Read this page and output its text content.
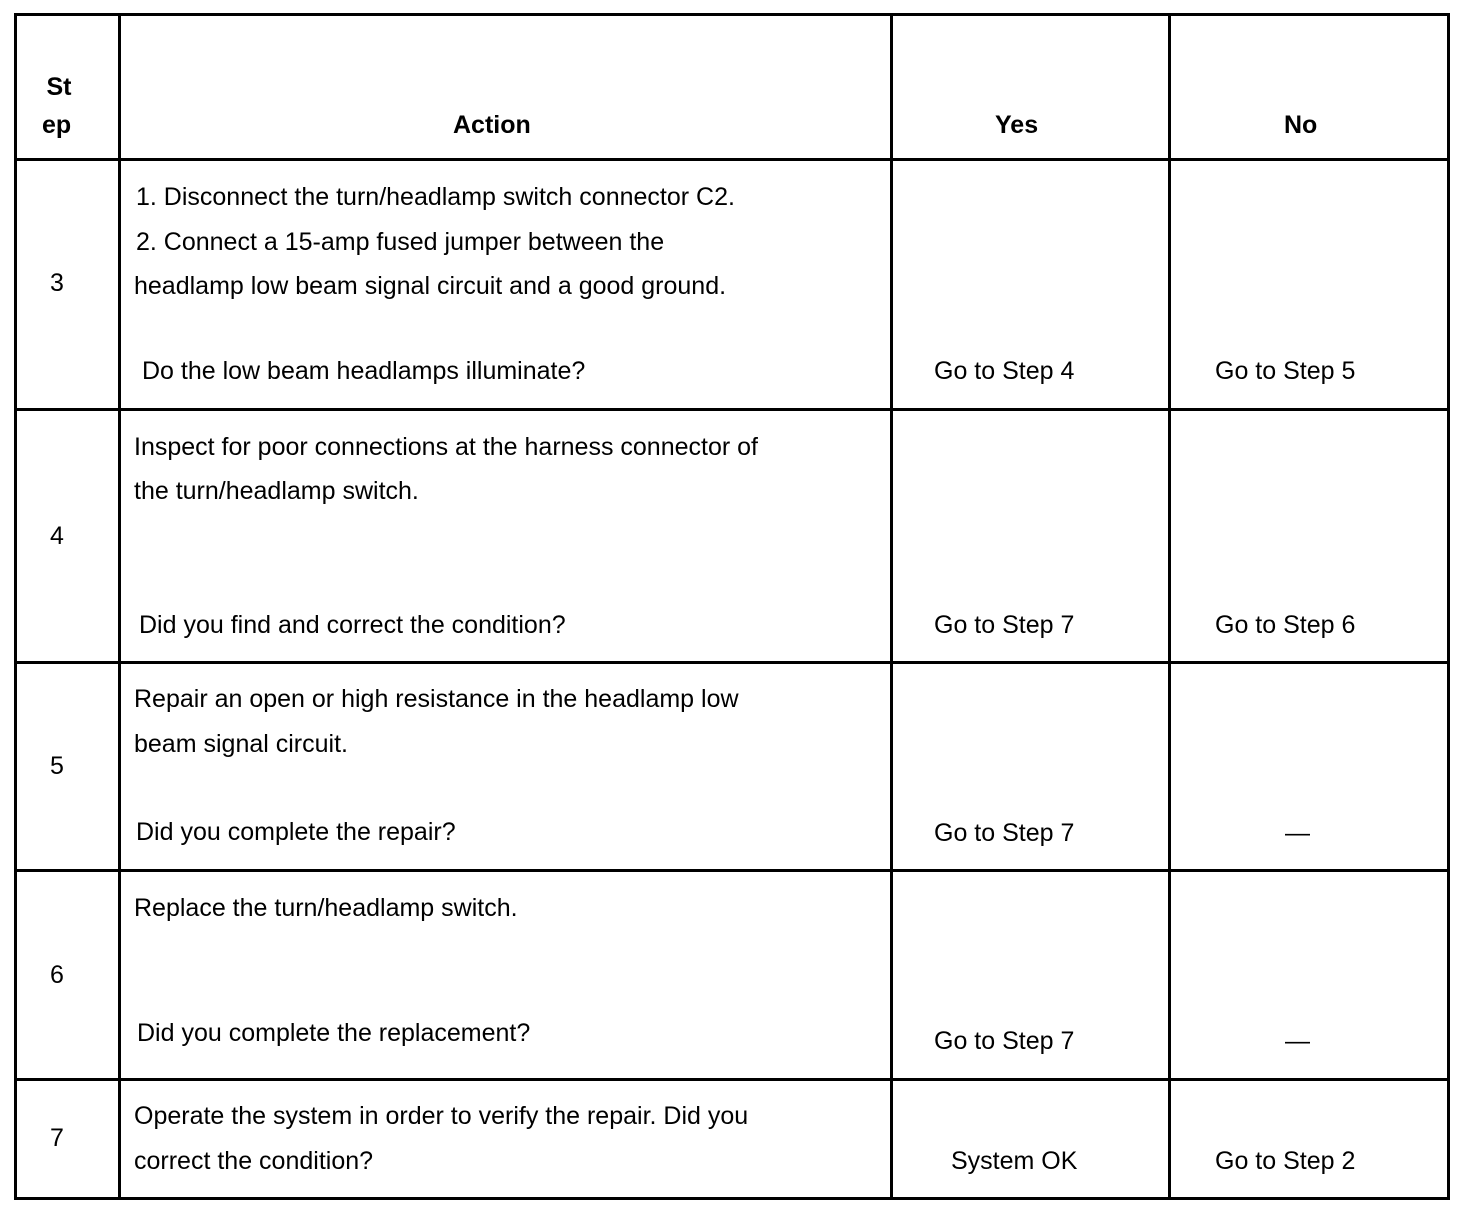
St
ep	Action	Yes	No
3
1. Disconnect the turn/headlamp switch connector C2.
2. Connect a 15-amp fused jumper between the
headlamp low beam signal circuit and a good ground.
Do the low beam headlamps illuminate?	Go to Step 4	Go to Step 5
4
Inspect for poor connections at the harness connector of
the turn/headlamp switch.
Did you find and correct the condition?	Go to Step 7	Go to Step 6
5
Repair an open or high resistance in the headlamp low
beam signal circuit.
Did you complete the repair?	Go to Step 7	—
6
Replace the turn/headlamp switch.
Did you complete the replacement?	Go to Step 7	—
7
Operate the system in order to verify the repair. Did you
correct the condition?	System OK	Go to Step 2
